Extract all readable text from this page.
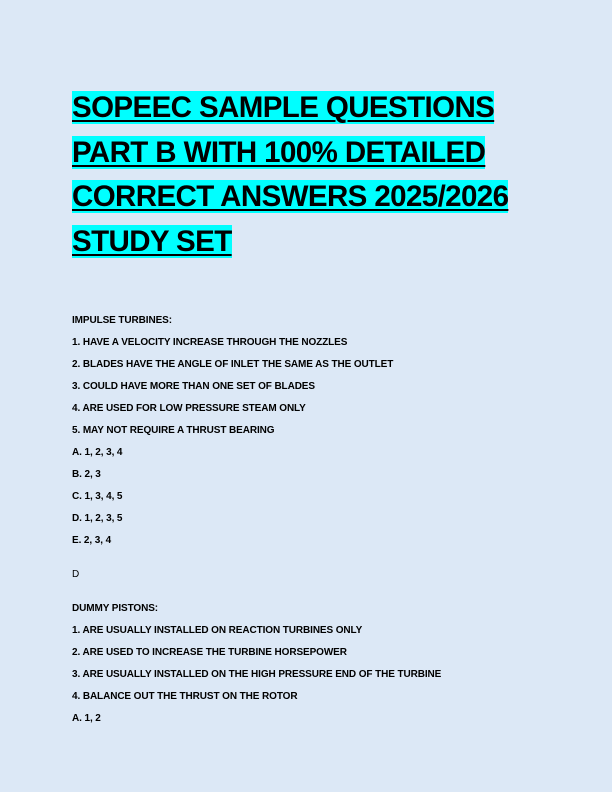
SOPEEC SAMPLE QUESTIONS
PART B WITH 100% DETAILED
CORRECT ANSWERS 2025/2026
STUDY SET
IMPULSE TURBINES:
1. HAVE A VELOCITY INCREASE THROUGH THE NOZZLES
2. BLADES HAVE THE ANGLE OF INLET THE SAME AS THE OUTLET
3. COULD HAVE MORE THAN ONE SET OF BLADES
4. ARE USED FOR LOW PRESSURE STEAM ONLY
5. MAY NOT REQUIRE A THRUST BEARING
A. 1, 2, 3, 4
B. 2, 3
C. 1, 3, 4, 5
D. 1, 2, 3, 5
E. 2, 3, 4
D
DUMMY PISTONS:
1. ARE USUALLY INSTALLED ON REACTION TURBINES ONLY
2. ARE USED TO INCREASE THE TURBINE HORSEPOWER
3. ARE USUALLY INSTALLED ON THE HIGH PRESSURE END OF THE TURBINE
4. BALANCE OUT THE THRUST ON THE ROTOR
A. 1, 2
